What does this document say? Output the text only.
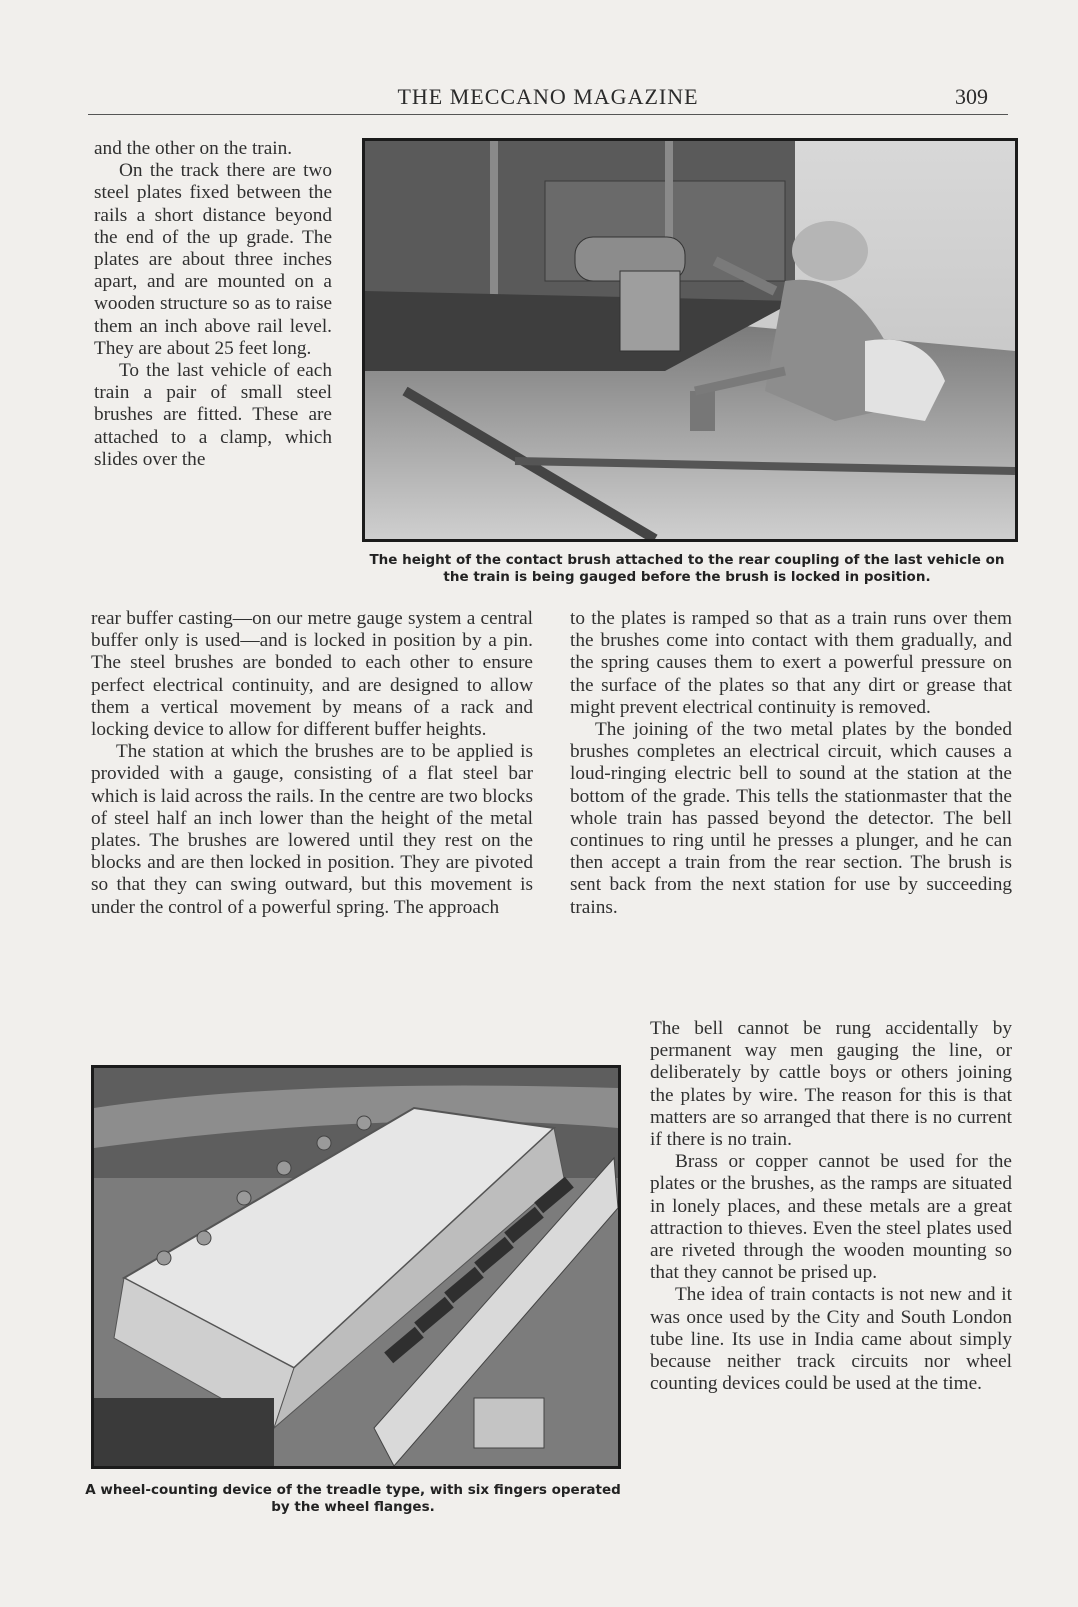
THE MECCANO MAGAZINE	309

and the other on the train.

On the track there are two steel plates fixed between the rails a short distance beyond the end of the up grade. The plates are about three inches apart, and are mounted on a wooden structure so as to raise them an inch above rail level. They are about 25 feet long.

To the last vehicle of each train a pair of small steel brushes are fitted. These are attached to a clamp, which slides over the

The height of the contact brush attached to the rear coupling of the last vehicle on the train is being gauged before the brush is locked in position.

rear buffer casting—on our metre gauge system a central buffer only is used—and is locked in position by a pin. The steel brushes are bonded to each other to ensure perfect electrical continuity, and are designed to allow them a vertical movement by means of a rack and locking device to allow for different buffer heights.

The station at which the brushes are to be applied is provided with a gauge, consisting of a flat steel bar which is laid across the rails. In the centre are two blocks of steel half an inch lower than the height of the metal plates. The brushes are lowered until they rest on the blocks and are then locked in position. They are pivoted so that they can swing outward, but this movement is under the control of a powerful spring. The approach

to the plates is ramped so that as a train runs over them the brushes come into contact with them gradually, and the spring causes them to exert a powerful pressure on the surface of the plates so that any dirt or grease that might prevent electrical continuity is removed.

The joining of the two metal plates by the bonded brushes completes an electrical circuit, which causes a loud-ringing electric bell to sound at the station at the bottom of the grade. This tells the stationmaster that the whole train has passed beyond the detector. The bell continues to ring until he presses a plunger, and he can then accept a train from the rear section. The brush is sent back from the next station for use by succeeding trains.

A wheel-counting device of the treadle type, with six fingers operated by the wheel flanges.

The bell cannot be rung accidentally by permanent way men gauging the line, or deliberately by cattle boys or others joining the plates by wire. The reason for this is that matters are so arranged that there is no current if there is no train.

Brass or copper cannot be used for the plates or the brushes, as the ramps are situated in lonely places, and these metals are a great attraction to thieves. Even the steel plates used are riveted through the wooden mounting so that they cannot be prised up.

The idea of train contacts is not new and it was once used by the City and South London tube line. Its use in India came about simply because neither track circuits nor wheel counting devices could be used at the time.
